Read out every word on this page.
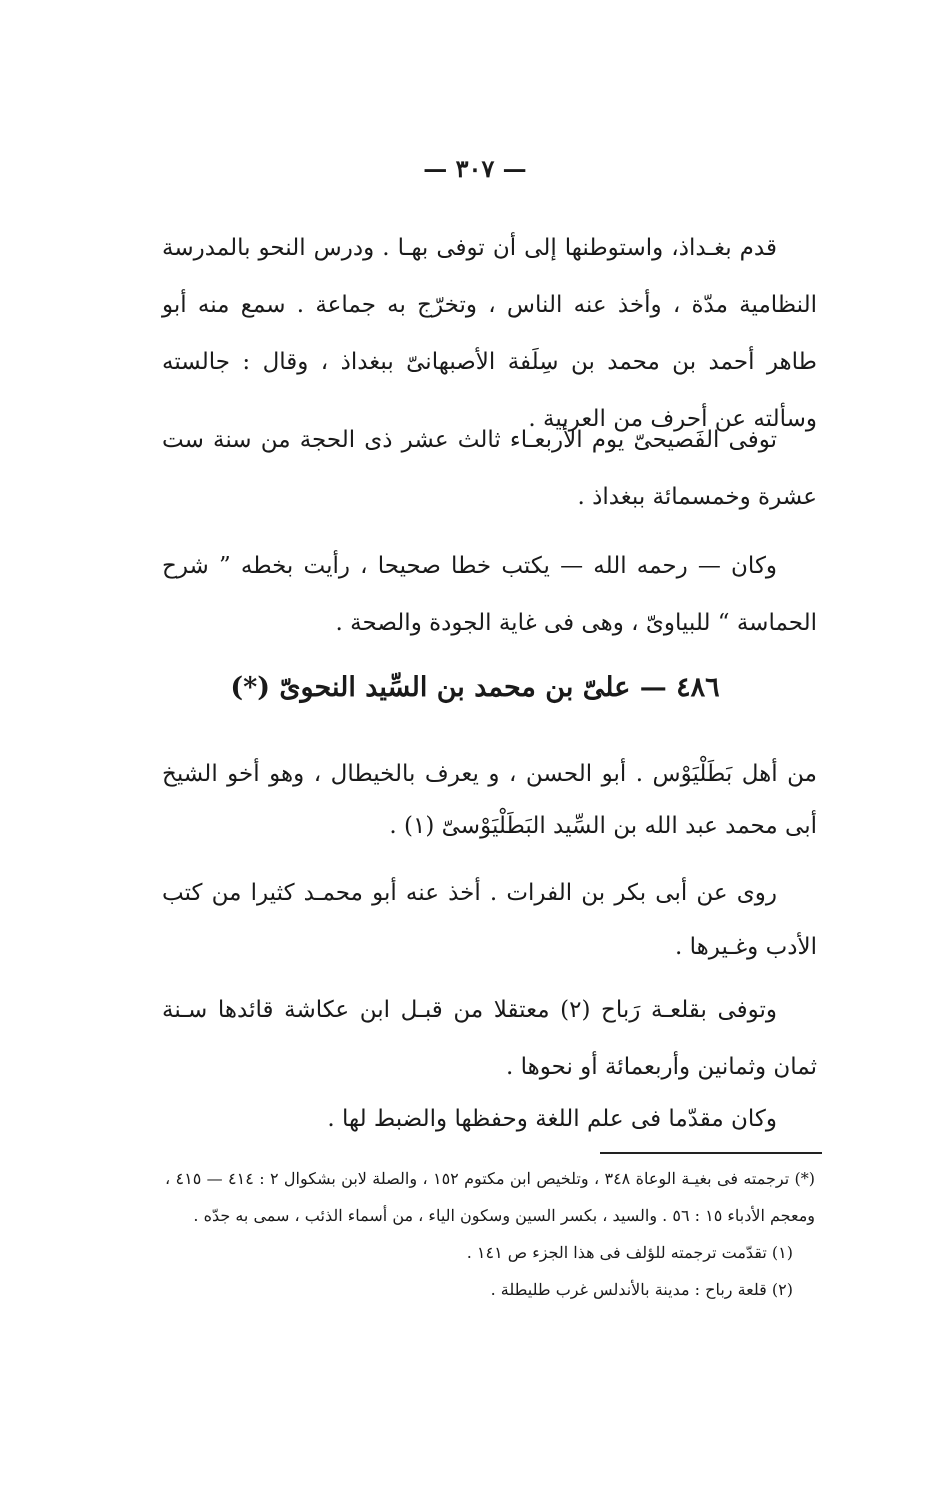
— ٣٠٧ —
قدم بغـداذ، واستوطنها إلى أن توفى بهـا . ودرس النحو بالمدرسة النظامية مدّة ، وأخذ عنه الناس ، وتخرّج به جماعة . سمع منه أبو طاهر أحمد بن محمد بن سِلَفة الأصبهانىّ ببغداذ ، وقال : جالسته وسألته عن أحرف من العربية .
توفى الفَصيحىّ يوم الأربعـاء ثالث عشر ذى الحجة من سنة ست عشرة وخمسمائة ببغداذ .
وكان — رحمه الله — يكتب خطا صحيحا ، رأيت بخطه ” شرح الحماسة “ للبياوىّ ، وهى فى غاية الجودة والصحة .
٤٨٦ — علىّ بن محمد بن السِّيد النحوىّ (*)
من أهل بَطَلْيَوْس . أبو الحسن ، و يعرف بالخيطال ، وهو أخو الشيخ أبى محمد عبد الله بن السِّيد البَطَلْيَوْسىّ (١) .
روى عن أبى بكر بن الفرات . أخذ عنه أبو محمـد كثيرا من كتب الأدب وغـيرها .
وتوفى بقلعـة رَباح (٢) معتقلا من قبـل ابن عكاشة قائدها سـنة ثمان وثمانين وأربعمائة أو نحوها .
وكان مقدّما فى علم اللغة وحفظها والضبط لها .
(*) ترجمته فى بغيـة الوعاة ٣٤٨ ، وتلخيص ابن مكتوم ١٥٢ ، والصلة لابن بشكوال ٢ : ٤١٤ — ٤١٥ ، ومعجم الأدباء ١٥ : ٥٦ . والسيد ، بكسر السين وسكون الياء ، من أسماء الذئب ، سمى به جدّه .
(١) تقدّمت ترجمته للؤلف فى هذا الجزء ص ١٤١ .
(٢) قلعة رباح : مدينة بالأندلس غرب طليطلة .
